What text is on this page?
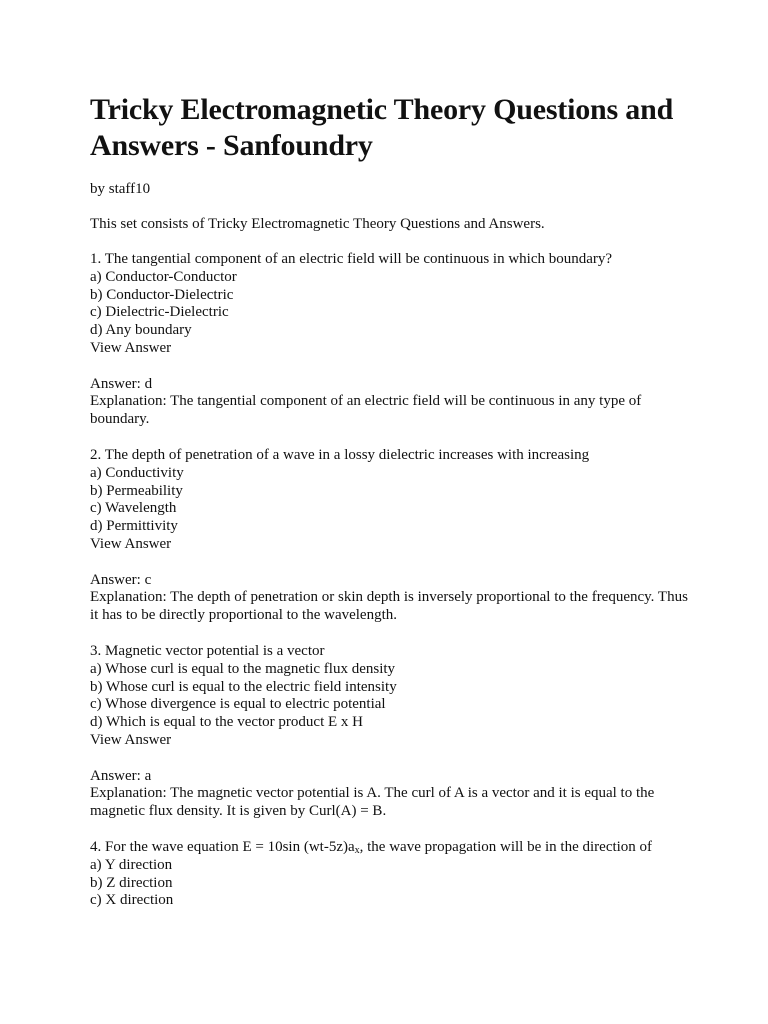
Tricky Electromagnetic Theory Questions and Answers - Sanfoundry
by staff10
This set consists of Tricky Electromagnetic Theory Questions and Answers.
1. The tangential component of an electric field will be continuous in which boundary?
a) Conductor-Conductor
b) Conductor-Dielectric
c) Dielectric-Dielectric
d) Any boundary
View Answer
Answer: d
Explanation: The tangential component of an electric field will be continuous in any type of boundary.
2. The depth of penetration of a wave in a lossy dielectric increases with increasing
a) Conductivity
b) Permeability
c) Wavelength
d) Permittivity
View Answer
Answer: c
Explanation: The depth of penetration or skin depth is inversely proportional to the frequency. Thus it has to be directly proportional to the wavelength.
3. Magnetic vector potential is a vector
a) Whose curl is equal to the magnetic flux density
b) Whose curl is equal to the electric field intensity
c) Whose divergence is equal to electric potential
d) Which is equal to the vector product E x H
View Answer
Answer: a
Explanation: The magnetic vector potential is A. The curl of A is a vector and it is equal to the magnetic flux density. It is given by Curl(A) = B.
4. For the wave equation E = 10sin $(wt-5z)a_x$, the wave propagation will be in the direction of
a) Y direction
b) Z direction
c) X direction
